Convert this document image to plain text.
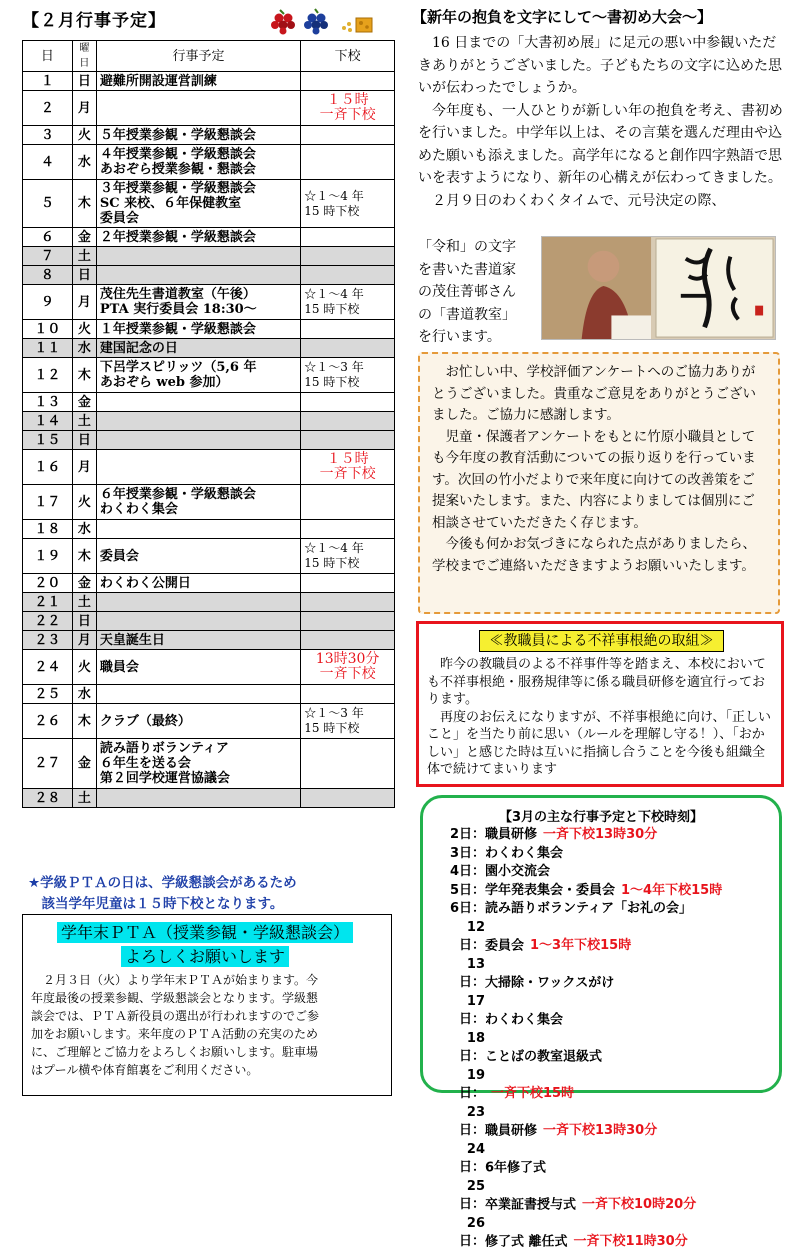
【２月行事予定】
日	曜日	行事予定	下校
１	日	避難所開設運営訓練	
２	月		１５時
一斉下校
３	火	５年授業参観・学級懇談会	
４	水	４年授業参観・学級懇談会
あおぞら授業参観・懇談会	
５	木	３年授業参観・学級懇談会
SC 来校、６年保健教室
委員会	☆１～4 年
15 時下校
６	金	２年授業参観・学級懇談会	
７	土		
８	日		
９	月	茂住先生書道教室（午後）
PTA 実行委員会 18:30～	☆１～4 年
15 時下校
１０	火	１年授業参観・学級懇談会	
１１	水	建国記念の日	
１２	木	下呂学スピリッツ（5,6 年
あおぞら web 参加）	☆１～3 年
15 時下校
１３	金		
１４	土		
１５	日		
１６	月		１５時
一斉下校
１７	火	６年授業参観・学級懇談会
わくわく集会	
１８	水		
１９	木	委員会	☆１～4 年
15 時下校
２０	金	わくわく公開日	
２１	土		
２２	日		
２３	月	天皇誕生日	
２４	火	職員会	13時30分
一斉下校
２５	水		
２６	木	クラブ（最終）	☆１～3 年
15 時下校
２７	金	読み語りボランティア
６年生を送る会
第２回学校運営協議会	
２８	土		
★学級ＰＴＡの日は、学級懇談会があるため
　該当学年児童は１５時下校となります。
学年末ＰＴＡ（授業参観・学級懇談会）
よろしくお願いします
　２月３日（火）より学年末ＰＴＡが始まります。今
年度最後の授業参観、学級懇談会となります。学級懇
談会では、ＰＴＡ新役員の選出が行われますのでご参
加をお願いします。来年度のＰＴＡ活動の充実のため
に、ご理解とご協力をよろしくお願いします。駐車場
はプール横や体育館裏をご利用ください。
【新年の抱負を文字にして～書初め大会～】

16 日までの「大書初め展」に足元の悪い中参観いただきありがとうございました。子どもたちの文字に込めた思いが伝わったでしょうか。

今年度も、一人ひとりが新しい年の抱負を考え、書初めを行いました。中学年以上は、その言葉を選んだ理由や込めた願いも添えました。高学年になると創作四字熟語で思いを表すようになり、新年の心構えが伝わってきました。

２月９日のわくわくタイムで、元号決定の際、

「令和」の文字
を書いた書道家
の茂住菁邨さん
の「書道教室」
を行います。

お忙しい中、学校評価アンケートへのご協力ありがとうございました。貴重なご意見をありがとうございました。ご協力に感謝します。

児童・保護者アンケートをもとに竹原小職員としても今年度の教育活動についての振り返りを行っています。次回の竹小だよりで来年度に向けての改善策をご提案いたします。また、内容によりましては個別にご相談させていただきたく存じます。

今後も何かお気づきになられた点がありましたら、学校までご連絡いただきますようお願いいたします。

≪教職員による不祥事根絶の取組≫

昨今の教職員のよる不祥事件等を踏まえ、本校においても不祥事根絶・服務規律等に係る職員研修を適宜行っております。

再度のお伝えになりますが、不祥事根絶に向け、「正しいこと」を当たり前に思い（ルールを理解し守る！）、「おかしい」と感じた時は互いに指摘し合うことを今後も組織全体で続けてまいります

【3月の主な行事予定と下校時刻】
2日：職員研修 一斉下校13時30分
3日：わくわく集会
4日：園小交流会
5日：学年発表集会・委員会 1～4年下校15時
6日：読み語りボランティア「お礼の会」
12日：委員会 1～3年下校15時
13日：大掃除・ワックスがけ
17日：わくわく集会
18日：ことばの教室退級式
19日： 一斉下校15時
23日：職員研修 一斉下校13時30分
24日：6年修了式
25日：卒業証書授与式 一斉下校10時20分
26日：修了式 離任式 一斉下校11時30分
